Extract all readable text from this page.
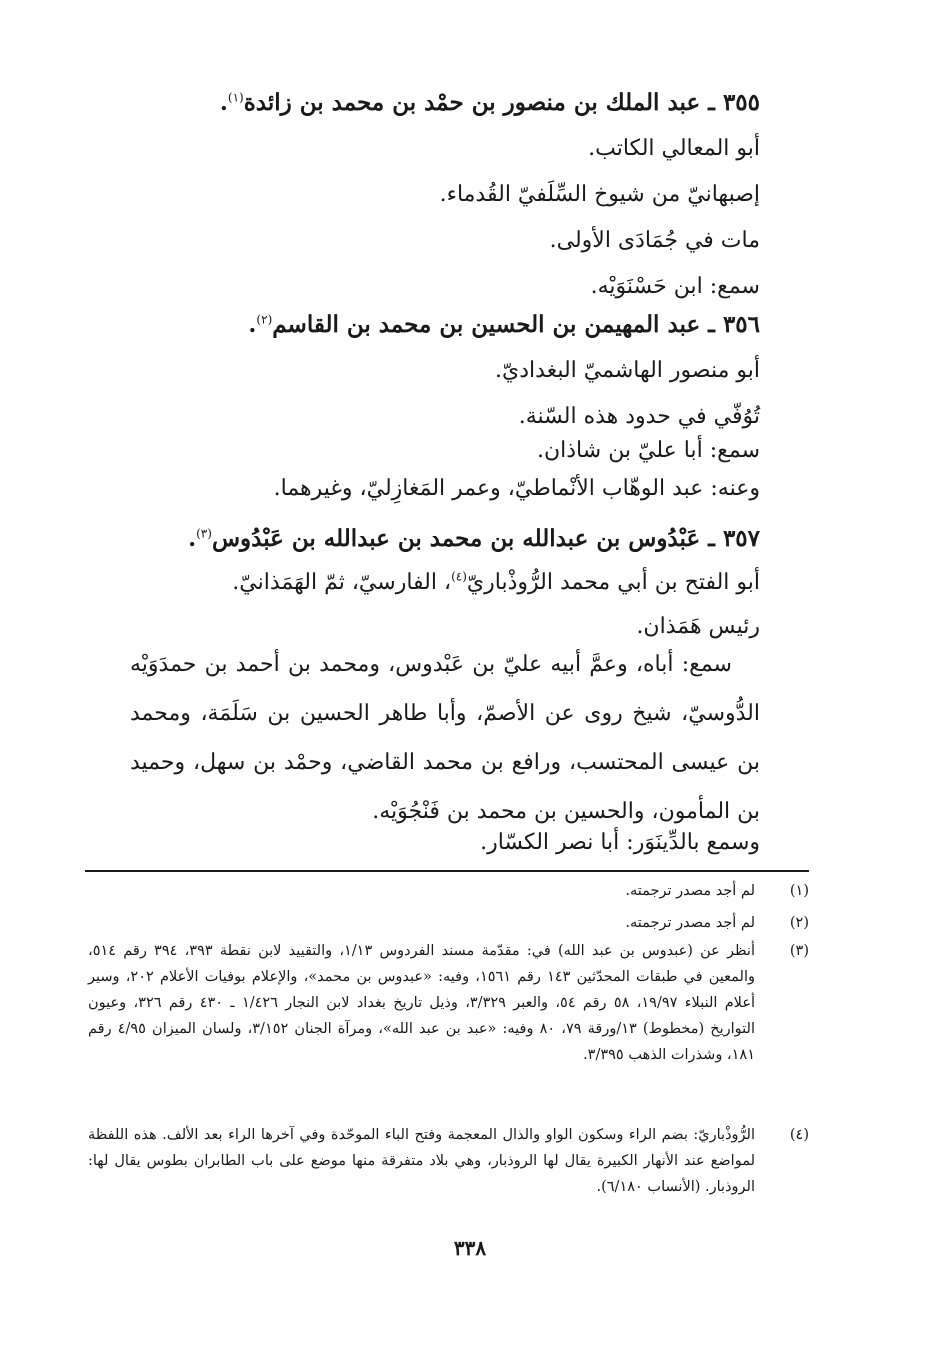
٣٥٥ ـ عبد الملك بن منصور بن حمْد بن محمد بن زائدة$^{(١)}$.
أبو المعالي الكاتب.
إصبهانيّ من شيوخ السِّلَفيّ القُدماء.
مات في جُمَادَى الأولى.
سمع: ابن حَسْنَوَيْه.
٣٥٦ ـ عبد المهيمن بن الحسين بن محمد بن القاسم$^{(٢)}$.
أبو منصور الهاشميّ البغداديّ.
تُوُفّي في حدود هذه السّنة.
سمع: أبا عليّ بن شاذان.
وعنه: عبد الوهّاب الأنْماطيّ، وعمر المَغازِليّ، وغيرهما.
٣٥٧ ـ عَبْدُوس بن عبدالله بن محمد بن عبدالله بن عَبْدُوس$^{(٣)}$.
أبو الفتح بن أبي محمد الرُّوذْباريّ$^{(٤)}$، الفارسيّ، ثمّ الهَمَذانيّ.
رئيس هَمَذان.
سمع: أباه، وعمَّ أبيه عليّ بن عَبْدوس، ومحمد بن أحمد بن حمدَوَيْه الدُّوسيّ، شيخ روى عن الأصمّ، وأبا طاهر الحسين بن سَلَمَة، ومحمد بن عيسى المحتسب، ورافع بن محمد القاضي، وحمْد بن سهل، وحميد بن المأمون، والحسين بن محمد بن فَنْجُوَيْه.
وسمع بالدِّينَوَر: أبا نصر الكسّار.
(١)
لم أجد مصدر ترجمته.
(٢)
لم أجد مصدر ترجمته.
(٣)
أنظر عن (عبدوس بن عبد الله) في: مقدّمة مسند الفردوس ١/١٣، والتقييد لابن نقطة ٣٩٣، ٣٩٤ رقم ٥١٤، والمعين في طبقات المحدّثين ١٤٣ رقم ١٥٦١، وفيه: «عبدوس بن محمد»، والإعلام بوفيات الأعلام ٢٠٢، وسير أعلام النبلاء ١٩/٩٧، ٥٨ رقم ٥٤، والعبر ٣/٣٢٩، وذيل تاريخ بغداد لابن النجار ١/٤٢٦ ـ ٤٣٠ رقم ٣٢٦، وعيون التواريخ (مخطوط) ١٣/ورقة ٧٩، ٨٠ وفيه: «عبد بن عبد الله»، ومرآة الجنان ٣/١٥٢، ولسان الميزان ٤/٩٥ رقم ١٨١، وشذرات الذهب ٣/٣٩٥.
(٤)
الرُّوذْباريّ: بضم الراء وسكون الواو والذال المعجمة وفتح الباء الموحّدة وفي آخرها الراء بعد الألف. هذه اللفظة لمواضع عند الأنهار الكبيرة يقال لها الروذبار، وهي بلاد متفرقة منها موضع على باب الطابران بطوس يقال لها: الروذبار. (الأنساب ٦/١٨٠).
٣٣٨
